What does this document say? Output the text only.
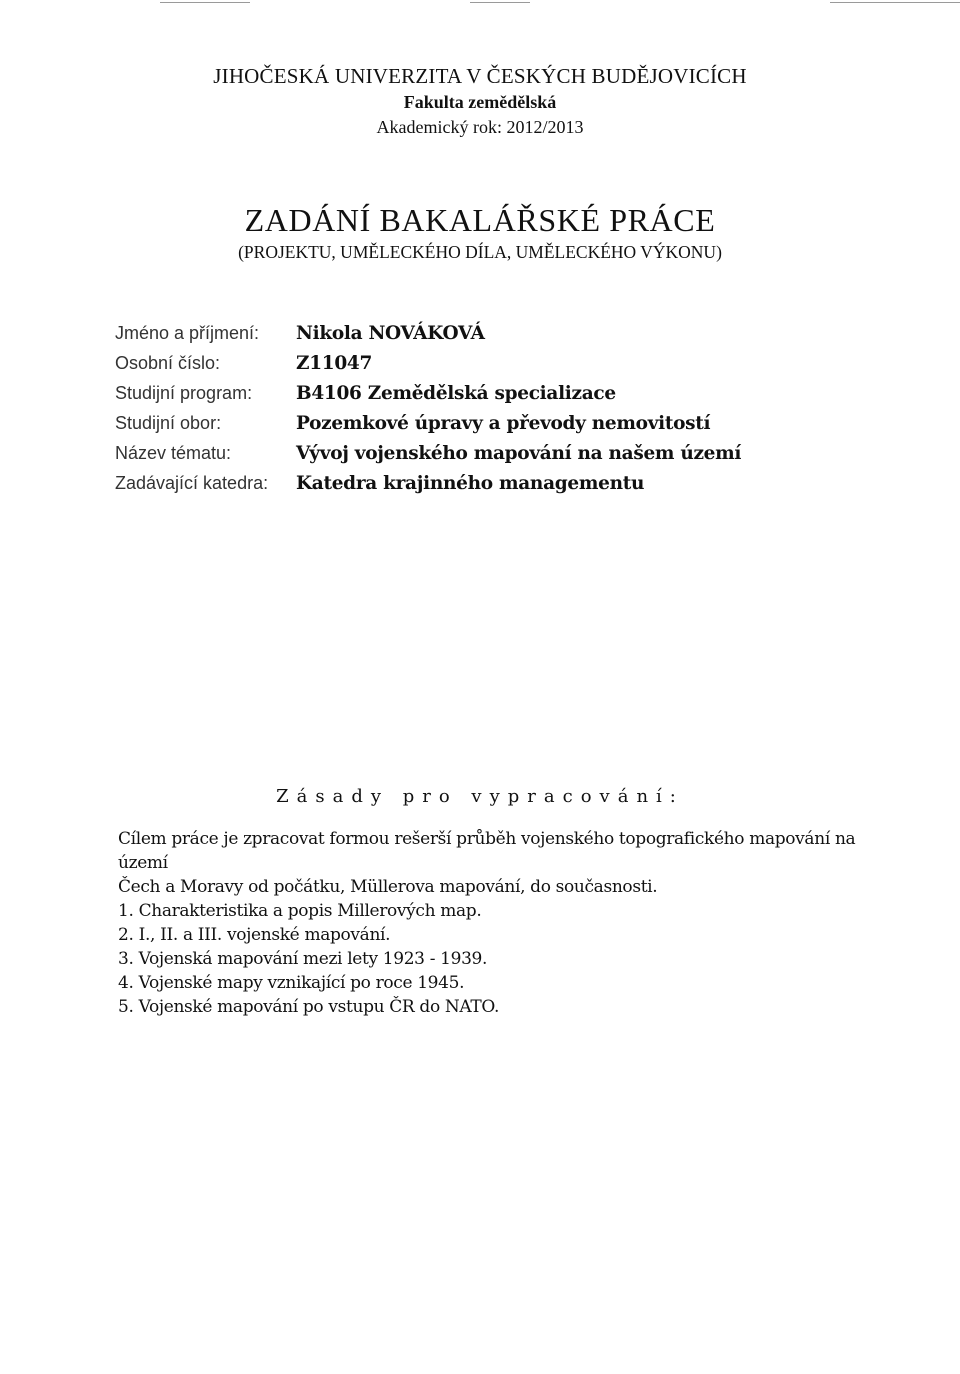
JIHOČESKÁ UNIVERZITA V ČESKÝCH BUDĚJOVICÍCH
Fakulta zemědělská
Akademický rok: 2012/2013
ZADÁNÍ BAKALÁŘSKÉ PRÁCE
(PROJEKTU, UMĚLECKÉHO DÍLA, UMĚLECKÉHO VÝKONU)
Jméno a příjmení:	Nikola NOVÁKOVÁ
Osobní číslo:	Z11047
Studijní program:	B4106 Zemědělská specializace
Studijní obor:	Pozemkové úpravy a převody nemovitostí
Název tématu:	Vývoj vojenského mapování na našem území
Zadávající katedra:	Katedra krajinného managementu
Zásady pro vypracování:

Cílem práce je zpracovat formou rešerší průběh vojenského topografického mapování na území

Čech a Moravy od počátku, Müllerova mapování, do současnosti.

1. Charakteristika a popis Millerových map.

2. I., II. a III. vojenské mapování.

3. Vojenská mapování mezi lety 1923 - 1939.

4. Vojenské mapy vznikající po roce 1945.

5. Vojenské mapování po vstupu ČR do NATO.
